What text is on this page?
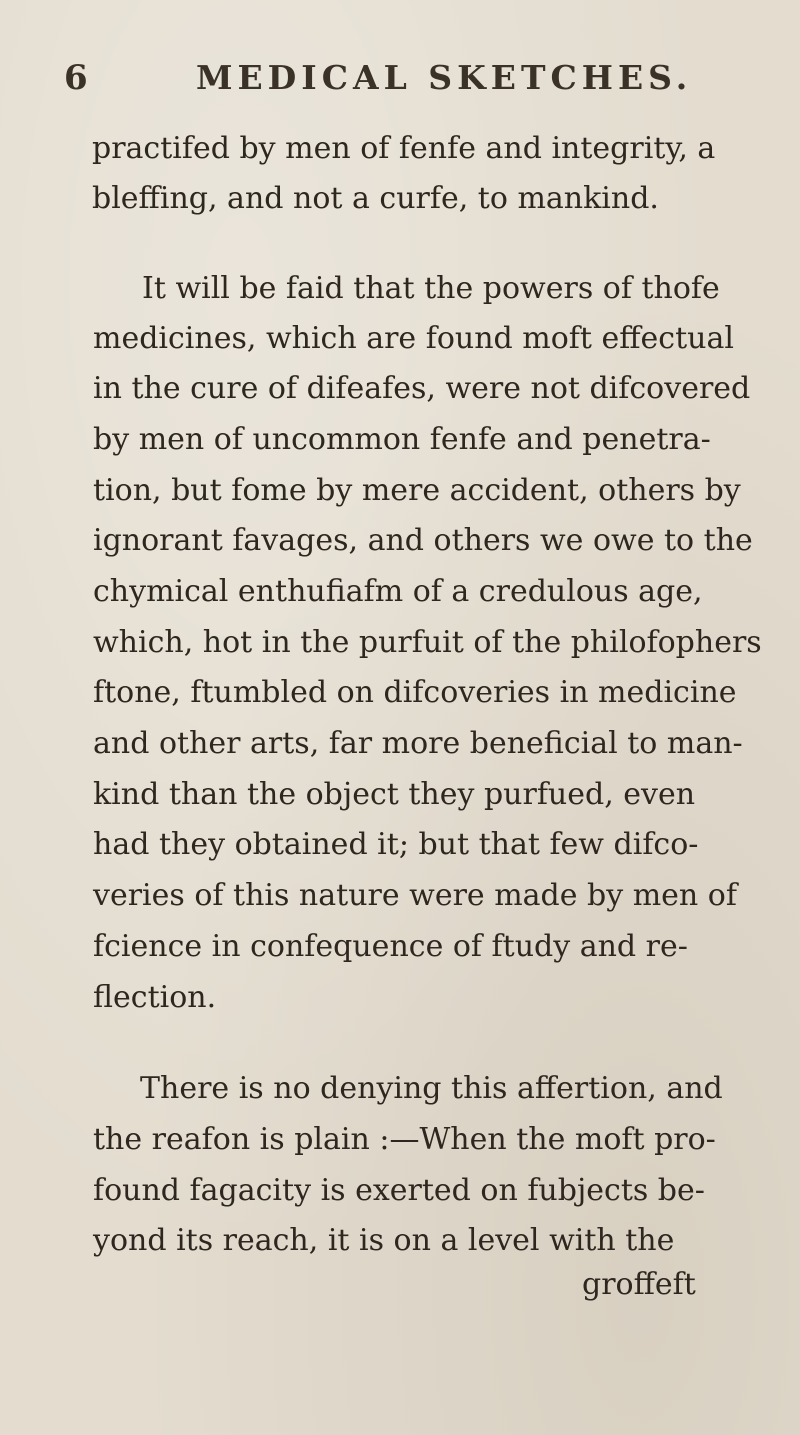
6	MEDICAL SKETCHES.
practifed by men of fenfe and integrity, a
bleffing, and not a curfe, to mankind.
It will be faid that the powers of thofe
medicines, which are found moft effectual
in the cure of difeafes, were not difcovered
by men of uncommon fenfe and penetra-
tion, but fome by mere accident, others by
ignorant favages, and others we owe to the
chymical enthufiafm of a credulous age,
which, hot in the purfuit of the philofophers
ftone, ftumbled on difcoveries in medicine
and other arts, far more beneficial to man-
kind than the object they purfued, even
had they obtained it; but that few difco-
veries of this nature were made by men of
fcience in confequence of ftudy and re-
flection.
There is no denying this affertion, and
the reafon is plain :—When the moft pro-
found fagacity is exerted on fubjects be-
yond its reach, it is on a level with the
groffeft
